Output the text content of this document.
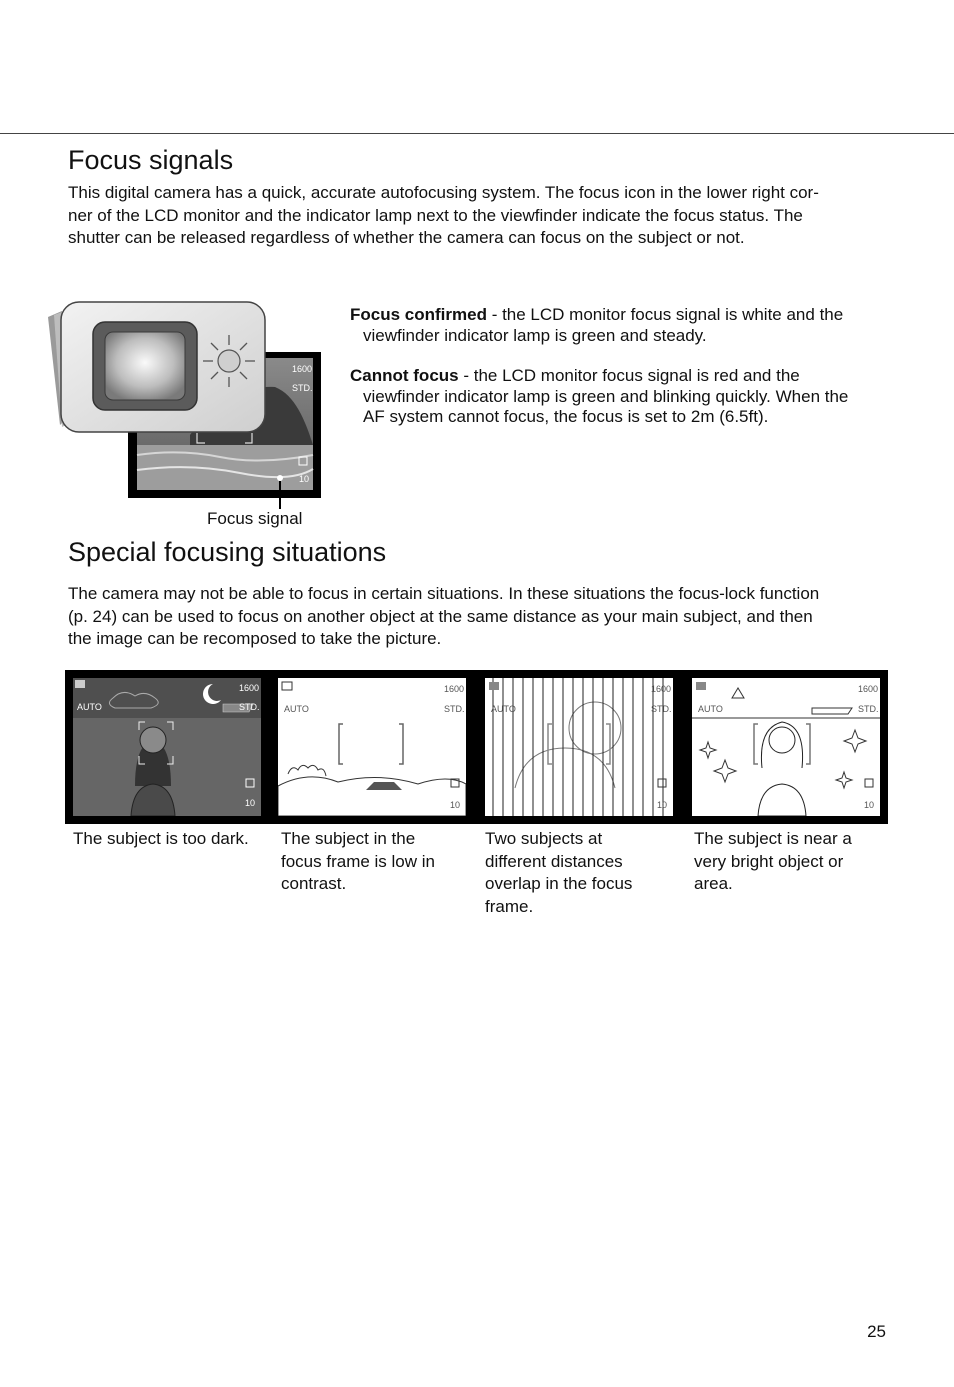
Focus signals

This digital camera has a quick, accurate autofocusing system. The focus icon in the lower right cor-
ner of the LCD monitor and the indicator lamp next to the viewfinder indicate the focus status. The
shutter can be released regardless of whether the camera can focus on the subject or not.

1600
STD.
10
Focus signal

Focus confirmed - the LCD monitor focus signal is white and the

viewfinder indicator lamp is green and steady.

Cannot focus - the LCD monitor focus signal is red and the

viewfinder indicator lamp is green and blinking quickly. When the
AF system cannot focus, the focus is set to 2m (6.5ft).

Special focusing situations

The camera may not be able to focus in certain situations. In these situations the focus-lock function
(p. 24) can be used to focus on another object at the same distance as your main subject, and then
the image can be recomposed to take the picture.

AUTO
1600
STD.
10
AUTO
1600
STD.
10
AUTO
1600
STD.
10
AUTO
1600
STD.
10

The subject is too dark.	The subject in the
focus frame is low in
contrast.

Two subjects at
different distances
overlap in the focus
frame.

The subject is near a
very bright object or
area.

25
